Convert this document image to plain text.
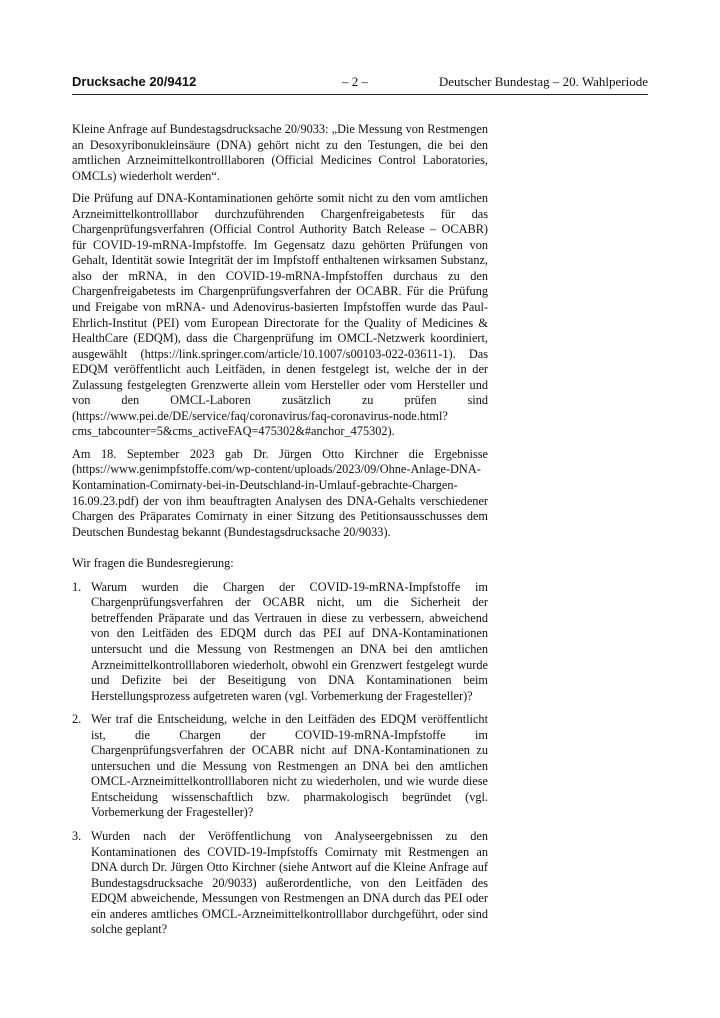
Drucksache 20/9412	– 2 –	Deutscher Bundestag – 20. Wahlperiode

Kleine Anfrage auf Bundestagsdrucksache 20/9033: „Die Messung von Restmengen an Desoxyribonukleinsäure (DNA) gehört nicht zu den Testungen, die bei den amtlichen Arzneimittelkontrolllaboren (Official Medicines Control Laboratories, OMCLs) wiederholt werden“.

Die Prüfung auf DNA-Kontaminationen gehörte somit nicht zu den vom amtlichen Arzneimittelkontrolllabor durchzuführenden Chargenfreigabetests für das Chargenprüfungsverfahren (Official Control Authority Batch Release – OCABR) für COVID-19-mRNA-Impfstoffe. Im Gegensatz dazu gehörten Prüfungen von Gehalt, Identität sowie Integrität der im Impfstoff enthaltenen wirksamen Substanz, also der mRNA, in den COVID-19-mRNA-Impfstoffen durchaus zu den Chargenfreigabetests im Chargenprüfungsverfahren der OCABR. Für die Prüfung und Freigabe von mRNA- und Adenovirus-basierten Impfstoffen wurde das Paul-Ehrlich-Institut (PEI) vom European Directorate for the Quality of Medicines & HealthCare (EDQM), dass die Chargenprüfung im OMCL-Netzwerk koordiniert, ausgewählt (https://link.springer.com/article/10.1007/s00103-022-03611-1). Das EDQM veröffentlicht auch Leitfäden, in denen festgelegt ist, welche der in der Zulassung festgelegten Grenzwerte allein vom Hersteller oder vom Hersteller und von den OMCL-Laboren zusätzlich zu prüfen sind (https://www.pei.de/DE/service/faq/coronavirus/faq-coronavirus-node.html?cms_tabcounter=5&cms_activeFAQ=475302&#anchor_475302).

Am 18. September 2023 gab Dr. Jürgen Otto Kirchner die Ergebnisse (https://www.genimpfstoffe.com/wp-content/uploads/2023/09/Ohne-Anlage-DNA-Kontamination-Comirnaty-bei-in-Deutschland-in-Umlauf-gebrachte-Chargen-16.09.23.pdf) der von ihm beauftragten Analysen des DNA-Gehalts verschiedener Chargen des Präparates Comirnaty in einer Sitzung des Petitionsausschusses dem Deutschen Bundestag bekannt (Bundestagsdrucksache 20/9033).

Wir fragen die Bundesregierung:

1. Warum wurden die Chargen der COVID-19-mRNA-Impfstoffe im Chargenprüfungsverfahren der OCABR nicht, um die Sicherheit der betreffenden Präparate und das Vertrauen in diese zu verbessern, abweichend von den Leitfäden des EDQM durch das PEI auf DNA-Kontaminationen untersucht und die Messung von Restmengen an DNA bei den amtlichen Arzneimittelkontrolllaboren wiederholt, obwohl ein Grenzwert festgelegt wurde und Defizite bei der Beseitigung von DNA Kontaminationen beim Herstellungsprozess aufgetreten waren (vgl. Vorbemerkung der Fragesteller)?
2. Wer traf die Entscheidung, welche in den Leitfäden des EDQM veröffentlicht ist, die Chargen der COVID-19-mRNA-Impfstoffe im Chargenprüfungsverfahren der OCABR nicht auf DNA-Kontaminationen zu untersuchen und die Messung von Restmengen an DNA bei den amtlichen OMCL-Arzneimittelkontrolllaboren nicht zu wiederholen, und wie wurde diese Entscheidung wissenschaftlich bzw. pharmakologisch begründet (vgl. Vorbemerkung der Fragesteller)?
3. Wurden nach der Veröffentlichung von Analyseergebnissen zu den Kontaminationen des COVID-19-Impfstoffs Comirnaty mit Restmengen an DNA durch Dr. Jürgen Otto Kirchner (siehe Antwort auf die Kleine Anfrage auf Bundestagsdrucksache 20/9033) außerordentliche, von den Leitfäden des EDQM abweichende, Messungen von Restmengen an DNA durch das PEI oder ein anderes amtliches OMCL-Arzneimittelkontrolllabor durchgeführt, oder sind solche geplant?
